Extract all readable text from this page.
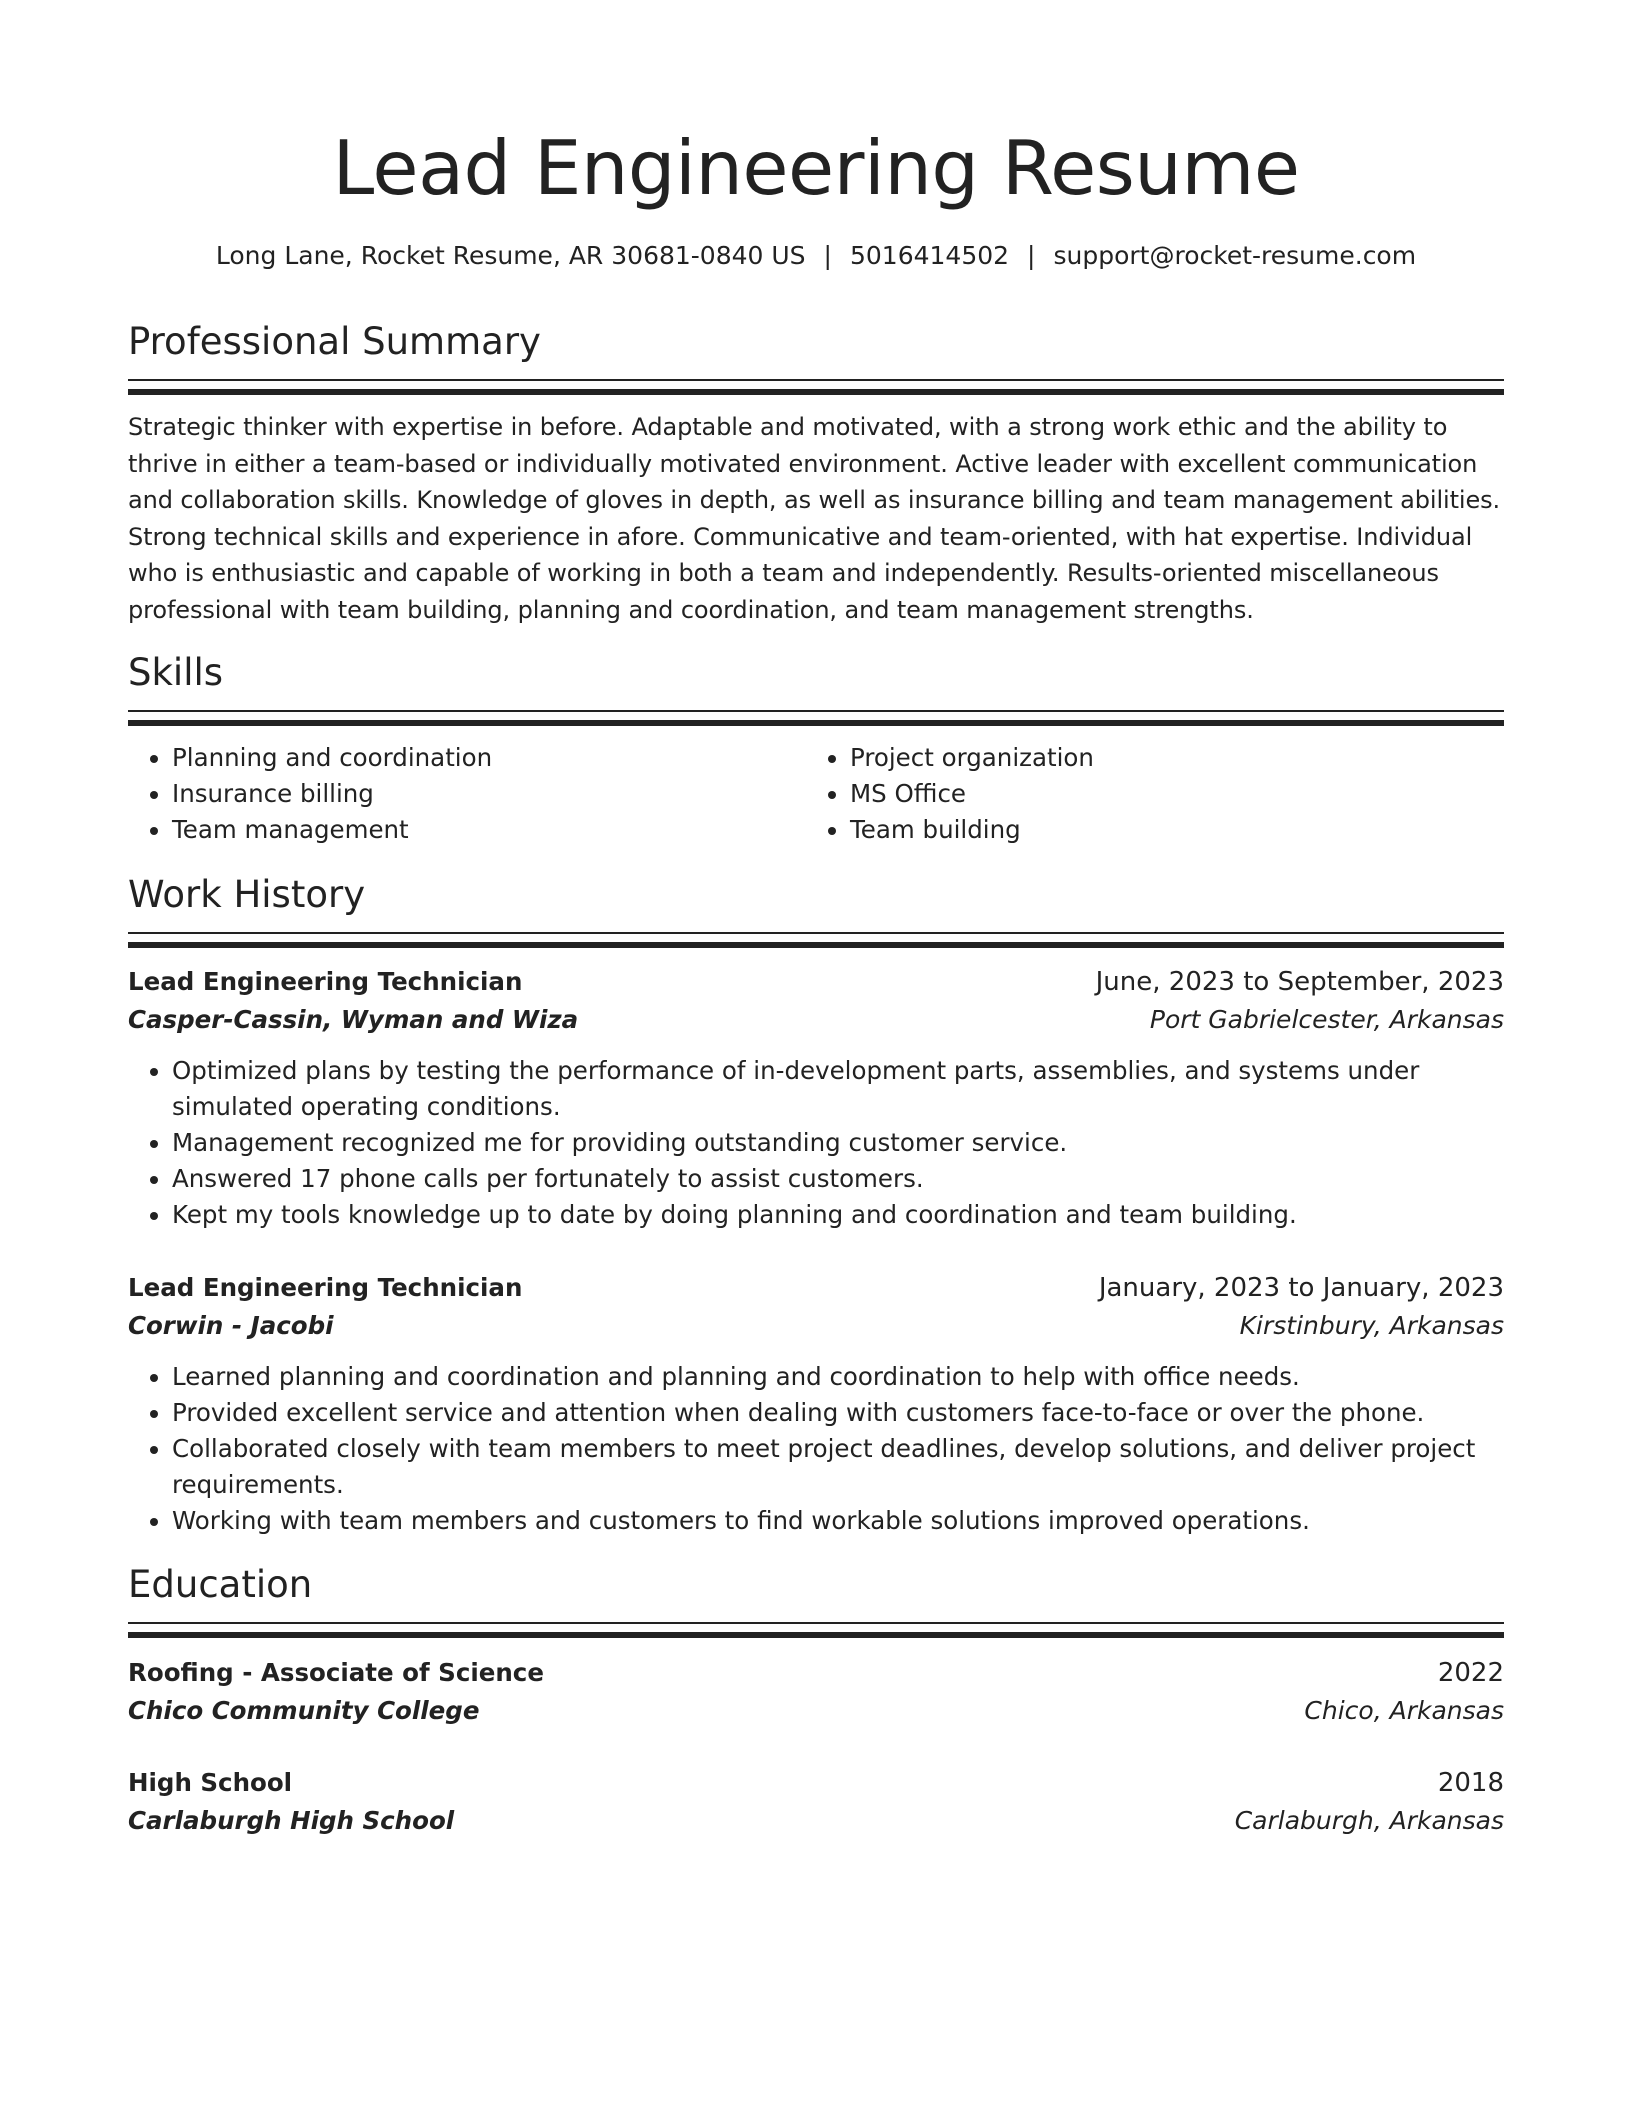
Lead Engineering Resume
Long Lane, Rocket Resume, AR 30681-0840 US | 5016414502 | support@rocket-resume.com
Professional Summary

Strategic thinker with expertise in before. Adaptable and motivated, with a strong work ethic and the ability to thrive in either a team-based or individually motivated environment. Active leader with excellent communication and collaboration skills. Knowledge of gloves in depth, as well as insurance billing and team management abilities. Strong technical skills and experience in afore. Communicative and team-oriented, with hat expertise. Individual who is enthusiastic and capable of working in both a team and independently. Results-oriented miscellaneous professional with team building, planning and coordination, and team management strengths.

Skills
• Planning and coordination
• Insurance billing
• Team management
• Project organization
• MS Office
• Team building
Work History
Lead Engineering Technician	June, 2023 to September, 2023
Casper-Cassin, Wyman and Wiza	Port Gabrielcester, Arkansas
• Optimized plans by testing the performance of in-development parts, assemblies, and systems under simulated operating conditions.
• Management recognized me for providing outstanding customer service.
• Answered 17 phone calls per fortunately to assist customers.
• Kept my tools knowledge up to date by doing planning and coordination and team building.
Lead Engineering Technician	January, 2023 to January, 2023
Corwin - Jacobi	Kirstinbury, Arkansas
• Learned planning and coordination and planning and coordination to help with office needs.
• Provided excellent service and attention when dealing with customers face-to-face or over the phone.
• Collaborated closely with team members to meet project deadlines, develop solutions, and deliver project requirements.
• Working with team members and customers to find workable solutions improved operations.
Education
Roofing - Associate of Science	2022
Chico Community College	Chico, Arkansas
High School	2018
Carlaburgh High School	Carlaburgh, Arkansas
